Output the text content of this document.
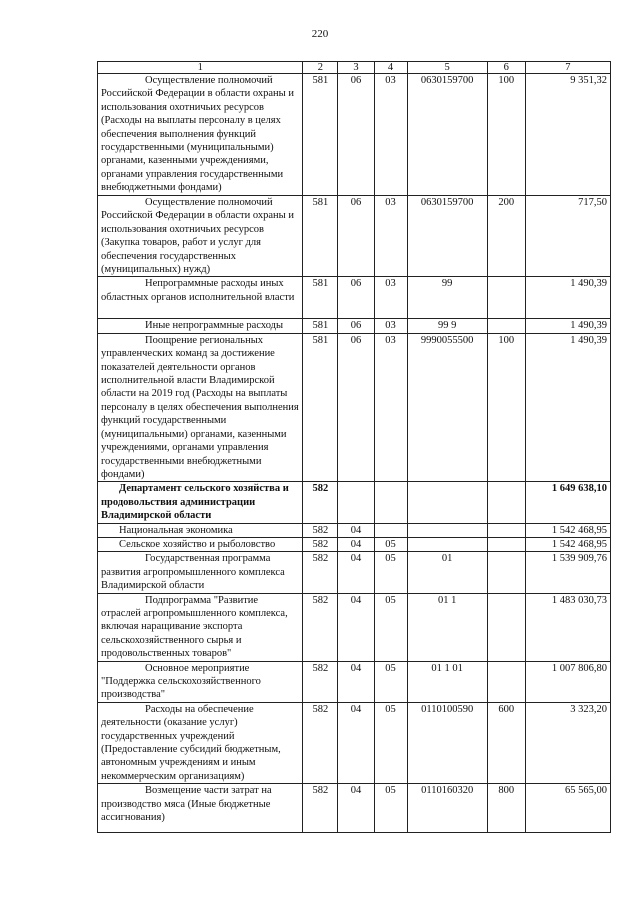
220
1	2	3	4	5	6	7
Осуществление полномочий Российской Федерации в области охраны и использования охотничьих ресурсов (Расходы на выплаты персоналу в целях обеспечения выполнения функций государственными (муниципальными) органами, казенными учреждениями, органами управления государственными внебюджетными фондами)	581	06	03	0630159700	100	9 351,32
Осуществление полномочий Российской Федерации в области охраны и использования охотничьих ресурсов (Закупка товаров, работ и услуг для обеспечения государственных (муниципальных) нужд)	581	06	03	0630159700	200	717,50
Непрограммные расходы иных областных органов исполнительной власти	581	06	03	99		1 490,39
Иные непрограммные расходы	581	06	03	99 9		1 490,39
Поощрение региональных управленческих команд за достижение показателей деятельности органов исполнительной власти Владимирской области на 2019 год (Расходы на выплаты персоналу в целях обеспечения выполнения функций государственными (муниципальными) органами, казенными учреждениями, органами управления государственными внебюджетными фондами)	581	06	03	9990055500	100	1 490,39
Департамент сельского хозяйства и продовольствия администрации Владимирской области	582					1 649 638,10
Национальная экономика	582	04				1 542 468,95
Сельское хозяйство и рыболовство	582	04	05			1 542 468,95
Государственная программа развития агропромышленного комплекса Владимирской области	582	04	05	01		1 539 909,76
Подпрограмма "Развитие отраслей агропромышленного комплекса, включая наращивание экспорта сельскохозяйственного сырья и продовольственных товаров"	582	04	05	01 1		1 483 030,73
Основное мероприятие "Поддержка сельскохозяйственного производства"	582	04	05	01 1 01		1 007 806,80
Расходы на обеспечение деятельности (оказание услуг) государственных учреждений (Предоставление субсидий бюджетным, автономным учреждениям и иным некоммерческим организациям)	582	04	05	0110100590	600	3 323,20
Возмещение части затрат на производство мяса (Иные бюджетные ассигнования)	582	04	05	0110160320	800	65 565,00
